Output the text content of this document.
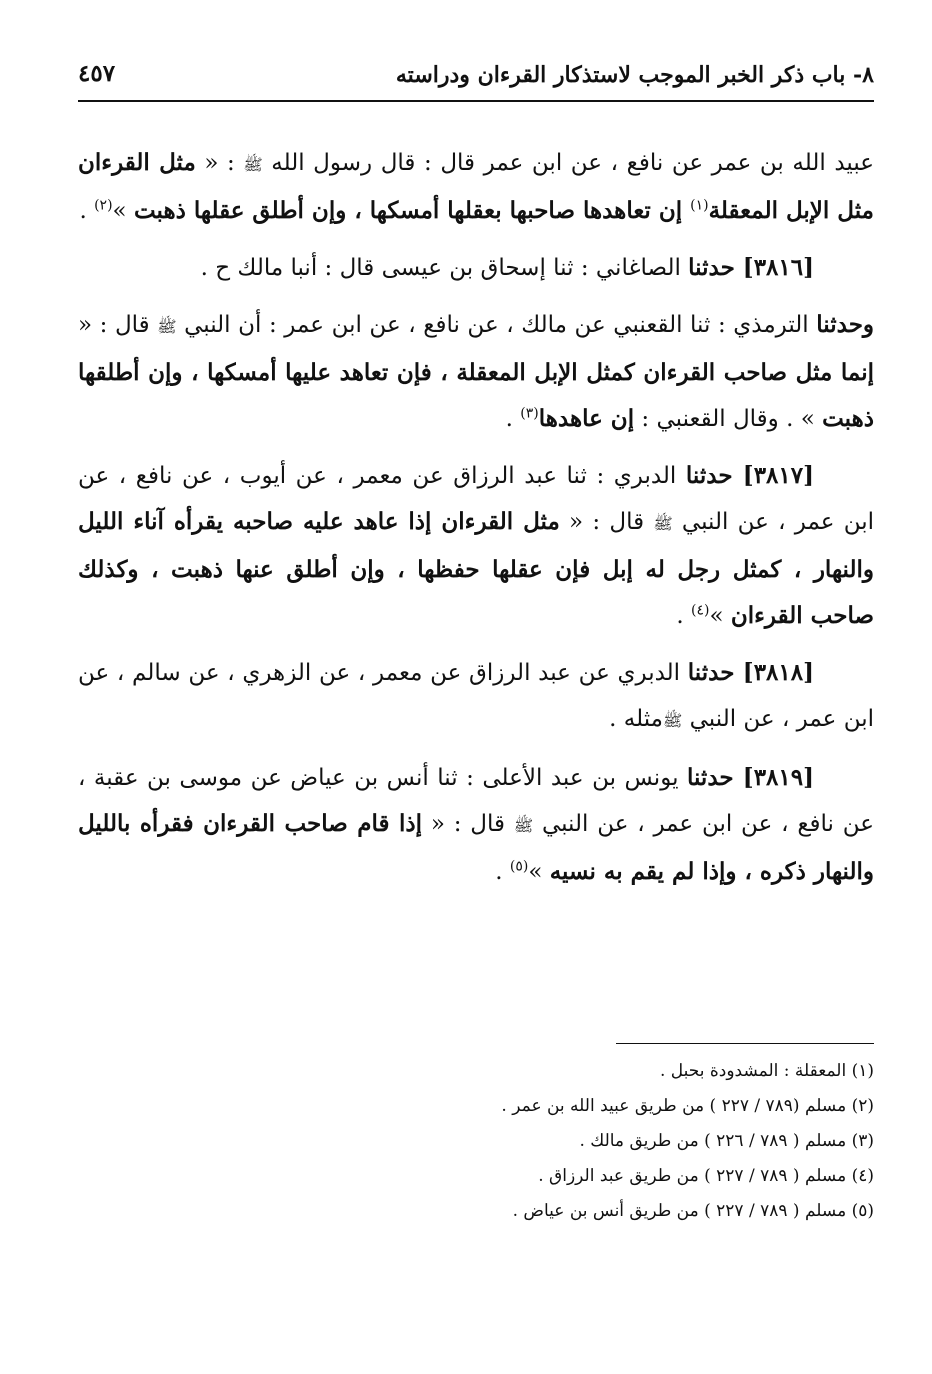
٨- باب ذكر الخبر الموجب لاستذكار القرءان ودراسته
٤٥٧

عبيد الله بن عمر عن نافع ، عن ابن عمر قال : قال رسول الله ﷺ : « مثل القرءان مثل الإبل المعقلة$^{(١)}$ إن تعاهدها صاحبها بعقلها أمسكها ، وإن أطلق عقلها ذهبت »$^{(٢)}$ .

[٣٨١٦] حدثنا الصاغاني : ثنا إسحاق بن عيسى قال : أنبا مالك ح .

وحدثنا الترمذي : ثنا القعنبي عن مالك ، عن نافع ، عن ابن عمر : أن النبي ﷺ قال : « إنما مثل صاحب القرءان كمثل الإبل المعقلة ، فإن تعاهد عليها أمسكها ، وإن أطلقها ذهبت » . وقال القعنبي : إن عاهدها$^{(٣)}$ .

[٣٨١٧] حدثنا الدبري : ثنا عبد الرزاق عن معمر ، عن أيوب ، عن نافع ، عن ابن عمر ، عن النبي ﷺ قال : « مثل القرءان إذا عاهد عليه صاحبه يقرأه آناء الليل والنهار ، كمثل رجل له إبل فإن عقلها حفظها ، وإن أطلق عنها ذهبت ، وكذلك صاحب القرءان »$^{(٤)}$ .

[٣٨١٨] حدثنا الدبري عن عبد الرزاق عن معمر ، عن الزهري ، عن سالم ، عن ابن عمر ، عن النبي ﷺمثله .

[٣٨١٩] حدثنا يونس بن عبد الأعلى : ثنا أنس بن عياض عن موسى بن عقبة ، عن نافع ، عن ابن عمر ، عن النبي ﷺ قال : « إذا قام صاحب القرءان فقرأه بالليل والنهار ذكره ، وإذا لم يقم به نسيه »$^{(٥)}$ .

(١) المعقلة : المشدودة بحبل .
(٢) مسلم (٧٨٩ / ٢٢٧ ) من طريق عبيد الله بن عمر .
(٣) مسلم ( ٧٨٩ / ٢٢٦ ) من طريق مالك .
(٤) مسلم ( ٧٨٩ / ٢٢٧ ) من طريق عبد الرزاق .
(٥) مسلم ( ٧٨٩ / ٢٢٧ ) من طريق أنس بن عياض .
